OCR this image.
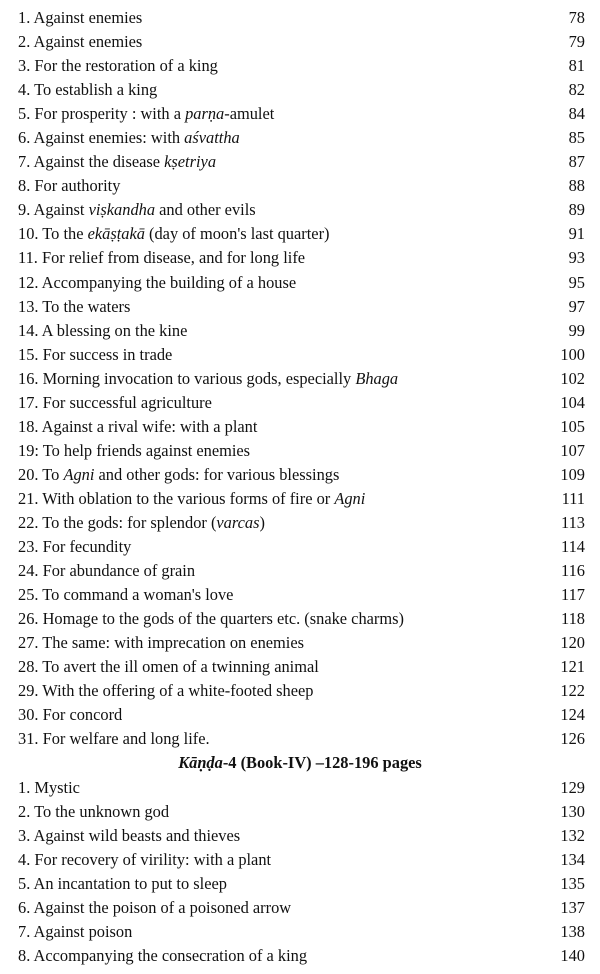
1. Against enemies	78
2. Against enemies	79
3. For the restoration of a king	81
4. To establish a king	82
5. For prosperity : with a parṇa-amulet	84
6. Against enemies: with aśvattha	85
7. Against the disease kṣetriya	87
8. For authority	88
9. Against viṣkandha and other evils	89
10. To the ekāṣṭakā (day of moon's last quarter)	91
11. For relief from disease, and for long life	93
12. Accompanying the building of a house	95
13. To the waters	97
14. A blessing on the kine	99
15. For success in trade	100
16. Morning invocation to various gods, especially Bhaga	102
17. For successful agriculture	104
18. Against a rival wife: with a plant	105
19: To help friends against enemies	107
20. To Agni and other gods: for various blessings	109
21. With oblation to the various forms of fire or Agni	111
22. To the gods: for splendor (varcas)	113
23. For fecundity	114
24. For abundance of grain	116
25. To command a woman's love	117
26. Homage to the gods of the quarters etc. (snake charms)	118
27. The same: with imprecation on enemies	120
28. To avert the ill omen of a twinning animal	121
29. With the offering of a white-footed sheep	122
30. For concord	124
31. For welfare and long life.	126
Kāṇḍa-4 (Book-IV) –128-196 pages
1. Mystic	129
2. To the unknown god	130
3. Against wild beasts and thieves	132
4. For recovery of virility: with a plant	134
5. An incantation to put to sleep	135
6. Against the poison of a poisoned arrow	137
7. Against poison	138
8. Accompanying the consecration of a king	140
